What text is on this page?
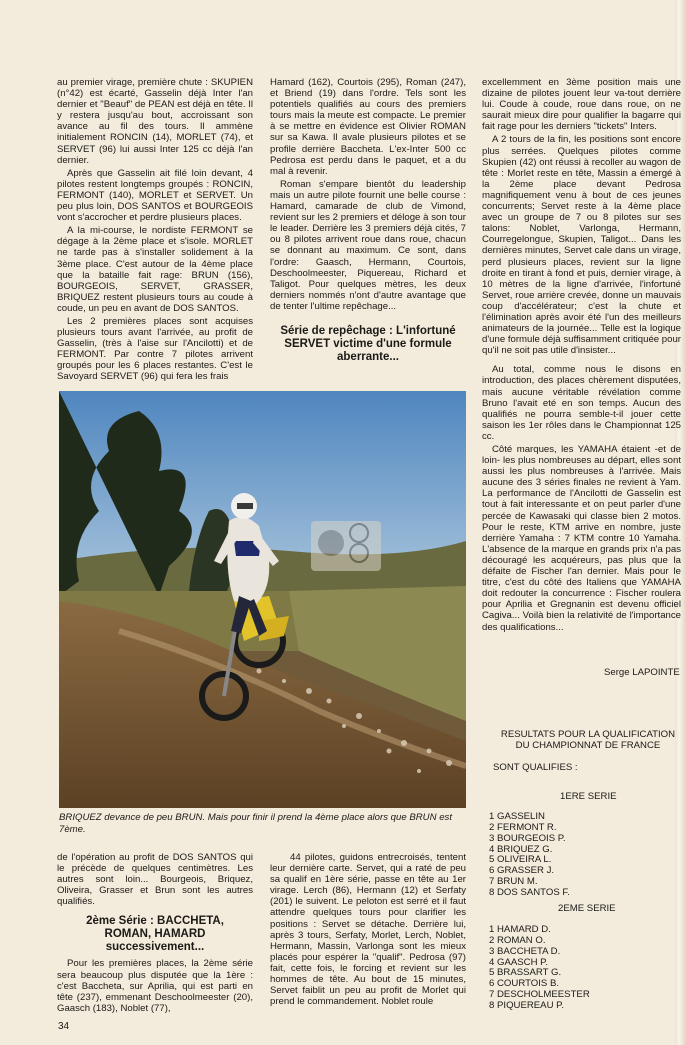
au premier virage, première chute : SKUPIEN (n°42) est écarté, Gasselin déjà Inter l'an dernier et "Beauf" de PEAN est déjà en tête. Il y restera jusqu'au bout, accroissant son avance au fil des tours. Il ammène initialement RONCIN (14), MORLET (74), et SERVET (96) lui aussi Inter 125 cc déjà l'an dernier.

Après que Gasselin ait filé loin devant, 4 pilotes restent longtemps groupés : RONCIN, FERMONT (140), MORLET et SERVET. Un peu plus loin, DOS SANTOS et BOURGEOIS vont s'accrocher et perdre plusieurs places.

A la mi-course, le nordiste FERMONT se dégage à la 2ème place et s'isole. MORLET ne tarde pas à s'installer solidement à la 3ème place. C'est autour de la 4ème place que la bataille fait rage: BRUN (156), BOURGEOIS, SERVET, GRASSER, BRIQUEZ restent plusieurs tours au coude à coude, un peu en avant de DOS SANTOS.

Les 2 premières places sont acquises plusieurs tours avant l'arrivée, au profit de Gasselin, (très à l'aise sur l'Ancilotti) et de FERMONT. Par contre 7 pilotes arrivent groupés pour les 6 places restantes. C'est le Savoyard SERVET (96) qui fera les frais

Hamard (162), Courtois (295), Roman (247), et Briend (19) dans l'ordre. Tels sont les potentiels qualifiés au cours des premiers tours mais la meute est compacte. Le premier à se mettre en évidence est Olivier ROMAN sur sa Kawa. Il avale plusieurs pilotes et se profile derrière Baccheta. L'ex-Inter 500 cc Pedrosa est perdu dans le paquet, et a du mal à revenir.

Roman s'empare bientôt du leadership mais un autre pilote fournit une belle course : Hamard, camarade de club de Vimond, revient sur les 2 premiers et déloge à son tour le leader. Derrière les 3 premiers déjà cités, 7 ou 8 pilotes arrivent roue dans roue, chacun se donnant au maximum. Ce sont, dans l'ordre: Gaasch, Hermann, Courtois, Deschoolmeester, Piquereau, Richard et Taligot. Pour quelques mètres, les deux derniers nommés n'ont d'autre avantage que de tenter l'ultime repêchage...

Série de repêchage : L'infortuné SERVET victime d'une formule aberrante...

excellemment en 3ème position mais une dizaine de pilotes jouent leur va-tout derrière lui. Coude à coude, roue dans roue, on ne saurait mieux dire pour qualifier la bagarre qui fait rage pour les derniers "tickets" Inters.

A 2 tours de la fin, les positions sont encore plus serrées. Quelques pilotes comme Skupien (42) ont réussi à recoller au wagon de tête : Morlet reste en tête, Massin a émergé à la 2ème place devant Pedrosa magnifiquement venu à bout de ces jeunes concurrents; Servet reste à la 4ème place avec un groupe de 7 ou 8 pilotes sur ses talons: Noblet, Varlonga, Hermann, Courregelongue, Skupien, Taligot... Dans les dernières minutes, Servet cale dans un virage, perd plusieurs places, revient sur la ligne droite en tirant à fond et puis, dernier virage, à 10 mètres de la ligne d'arrivée, l'infortuné Servet, roue arrière crevée, donne un mauvais coup d'accélérateur; c'est la chute et l'élimination après avoir été l'un des meilleurs animateurs de la journée... Telle est la logique d'une formule déjà suffisamment critiquée pour qu'il ne soit pas utile d'insister...

Au total, comme nous le disons en introduction, des places chèrement disputées, mais aucune véritable révélation comme Bruno l'avait eté en son temps. Aucun des qualifiés ne pourra semble-t-il jouer cette saison les 1er rôles dans le Championnat 125 cc.

Côté marques, les YAMAHA étaient -et de loin- les plus nombreuses au départ, elles sont aussi les plus nombreuses à l'arrivée. Mais aucune des 3 séries finales ne revient à Yam. La performance de l'Ancilotti de Gasselin est tout à fait interessante et on peut parler d'une percée de Kawasaki qui classe bien 2 motos. Pour le reste, KTM arrive en nombre, juste derrière Yamaha : 7 KTM contre 10 Yamaha. L'absence de la marque en grands prix n'a pas découragé les acquéreurs, pas plus que la défaite de Fischer l'an dernier. Mais pour le titre, c'est du côté des Italiens que YAMAHA doit redouter la concurrence : Fischer roulera pour Aprilia et Gregnanin est devenu officiel Cagiva... Voilà bien la relativité de l'importance des qualifications...

Serge LAPOINTE
BRIQUEZ devance de peu BRUN. Mais pour finir il prend la 4ème place alors que BRUN est 7ème.

de l'opération au profit de DOS SANTOS qui le précède de quelques centimètres. Les autres sont loin... Bourgeois, Briquez, Oliveira, Grasser et Brun sont les autres qualifiés.

2ème Série : BACCHETA, ROMAN, HAMARD successivement...

Pour les premières places, la 2ème série sera beaucoup plus disputée que la 1ère : c'est Baccheta, sur Aprilia, qui est parti en tête (237), emmenant Deschoolmeester (20), Gaasch (183), Noblet (77),

44 pilotes, guidons entrecroisés, tentent leur dernière carte. Servet, qui a raté de peu sa qualif en 1ère série, passe en tête au 1er virage. Lerch (86), Hermann (12) et Serfaty (201) le suivent. Le peloton est serré et il faut attendre quelques tours pour clarifier les positions : Servet se détache. Derrière lui, après 3 tours, Serfaty, Morlet, Lerch, Noblet, Hermann, Massin, Varlonga sont les mieux placés pour espérer la "qualif". Pedrosa (97) fait, cette fois, le forcing et revient sur les hommes de tête. Au bout de 15 minutes, Servet faiblit un peu au profit de Morlet qui prend le commandement. Noblet roule

RESULTATS POUR LA QUALIFICATION DU CHAMPIONNAT DE FRANCE
SONT QUALIFIES :
1ERE SERIE
1 GASSELIN
2 FERMONT R.
3 BOURGEOIS P.
4 BRIQUEZ G.
5 OLIVEIRA L.
6 GRASSER J.
7 BRUN M.
8 DOS SANTOS F.
2EME SERIE
1 HAMARD D.
2 ROMAN O.
3 BACCHETA D.
4 GAASCH P.
5 BRASSART G.
6 COURTOIS B.
7 DESCHOLMEESTER
8 PIQUEREAU P.
34
